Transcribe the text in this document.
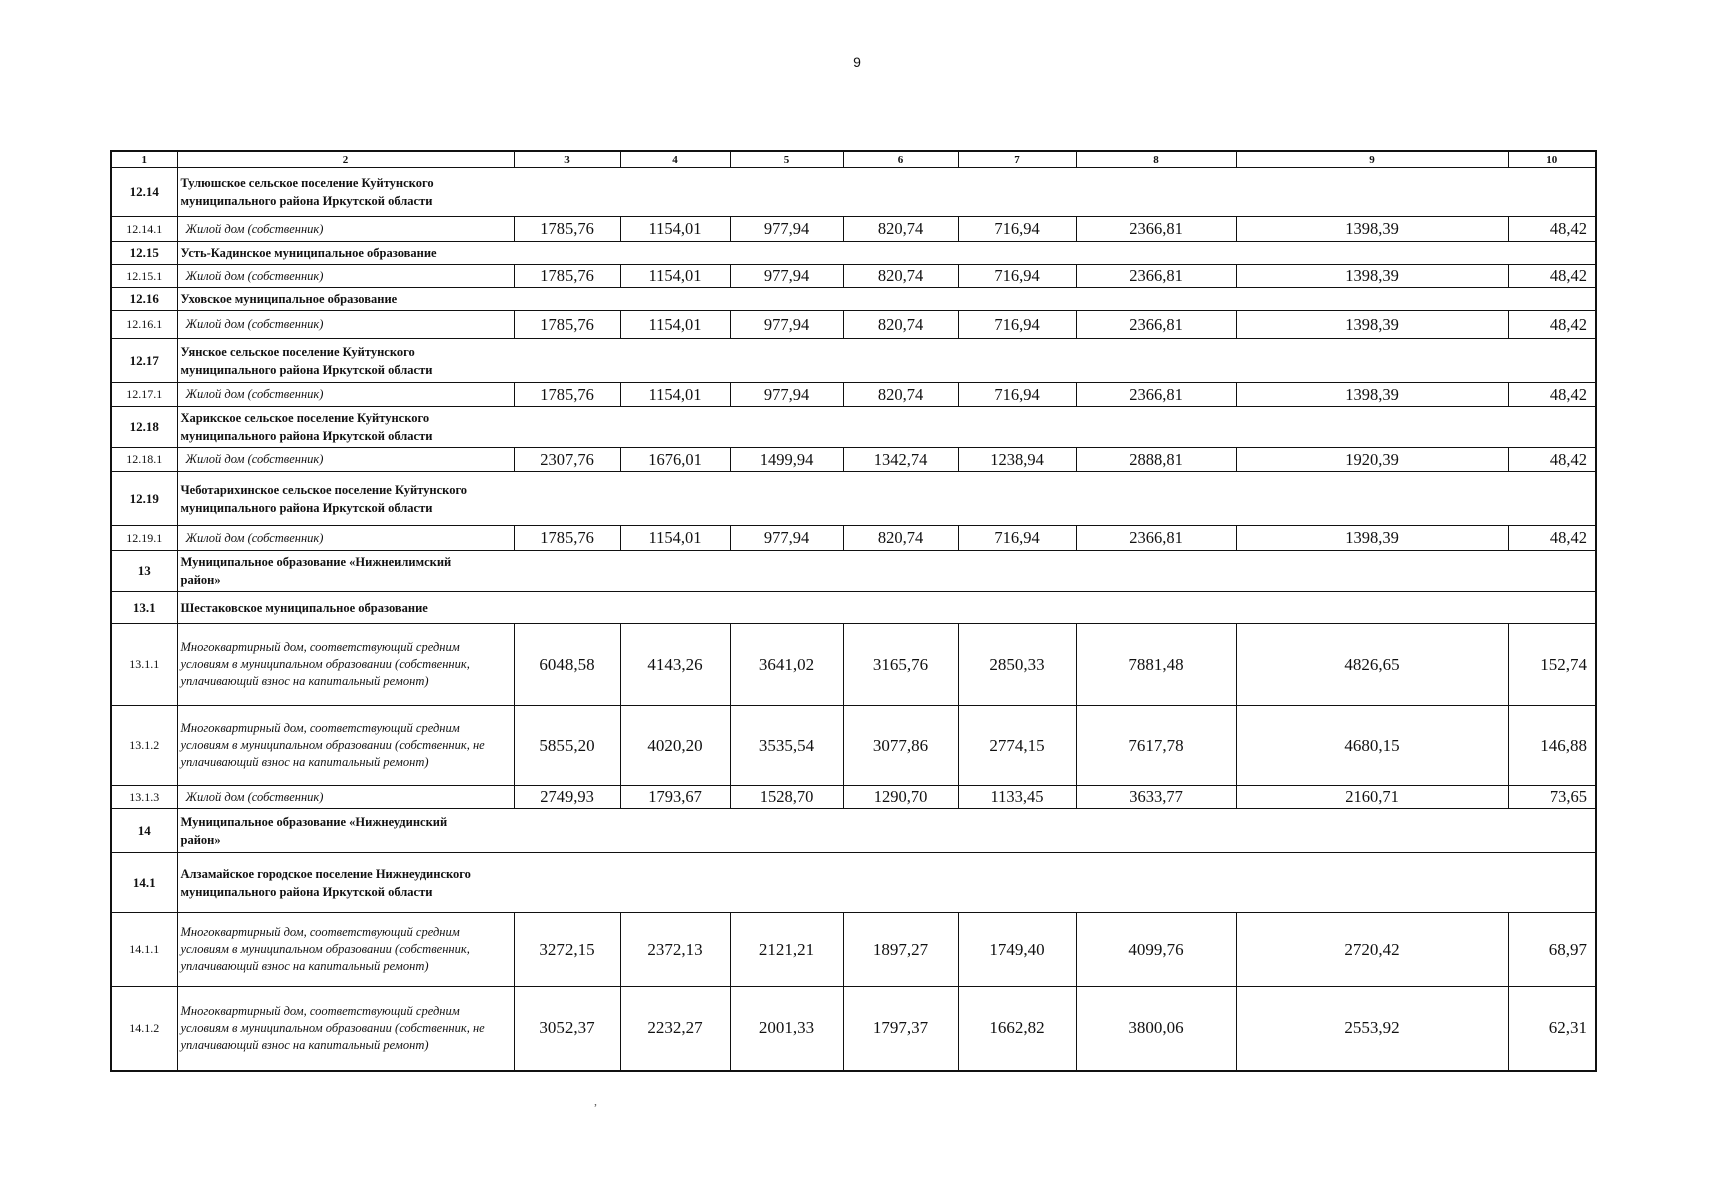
9
1	2	3	4	5	6	7	8	9	10
12.14	Тулюшское сельское поселение Куйтунского муниципального района Иркутской области								

12.14.1	Жилой дом (собственник)	1785,76	1154,01	977,94	820,74	716,94	2366,81	1398,39	48,42
12.15	Усть-Кадинское муниципальное образование								

12.15.1	Жилой дом (собственник)	1785,76	1154,01	977,94	820,74	716,94	2366,81	1398,39	48,42
12.16	Уховское муниципальное образование								

12.16.1	Жилой дом (собственник)	1785,76	1154,01	977,94	820,74	716,94	2366,81	1398,39	48,42
12.17	Уянское сельское поселение Куйтунского муниципального района Иркутской области								

12.17.1	Жилой дом (собственник)	1785,76	1154,01	977,94	820,74	716,94	2366,81	1398,39	48,42
12.18	Харикское сельское поселение Куйтунского муниципального района Иркутской области								

12.18.1	Жилой дом (собственник)	2307,76	1676,01	1499,94	1342,74	1238,94	2888,81	1920,39	48,42
12.19	Чеботарихинское сельское поселение Куйтунского муниципального района Иркутской области								

12.19.1	Жилой дом (собственник)	1785,76	1154,01	977,94	820,74	716,94	2366,81	1398,39	48,42
13	Муниципальное образование «Нижнеилимский район»								

13.1	Шестаковское муниципальное образование								

13.1.1	Многоквартирный дом, соответствующий средним условиям в муниципальном образовании (собственник, уплачивающий взнос на капитальный ремонт)	6048,58	4143,26	3641,02	3165,76	2850,33	7881,48	4826,65	152,74
13.1.2	Многоквартирный дом, соответствующий средним условиям в муниципальном образовании (собственник, не уплачивающий взнос на капитальный ремонт)	5855,20	4020,20	3535,54	3077,86	2774,15	7617,78	4680,15	146,88
13.1.3	Жилой дом (собственник)	2749,93	1793,67	1528,70	1290,70	1133,45	3633,77	2160,71	73,65
14	Муниципальное образование «Нижнеудинский район»								

14.1	Алзамайское городское поселение Нижнеудинского муниципального района Иркутской области								

14.1.1	Многоквартирный дом, соответствующий средним условиям в муниципальном образовании (собственник, уплачивающий взнос на капитальный ремонт)	3272,15	2372,13	2121,21	1897,27	1749,40	4099,76	2720,42	68,97
14.1.2	Многоквартирный дом, соответствующий средним условиям в муниципальном образовании (собственник, не уплачивающий взнос на капитальный ремонт)	3052,37	2232,27	2001,33	1797,37	1662,82	3800,06	2553,92	62,31
,
